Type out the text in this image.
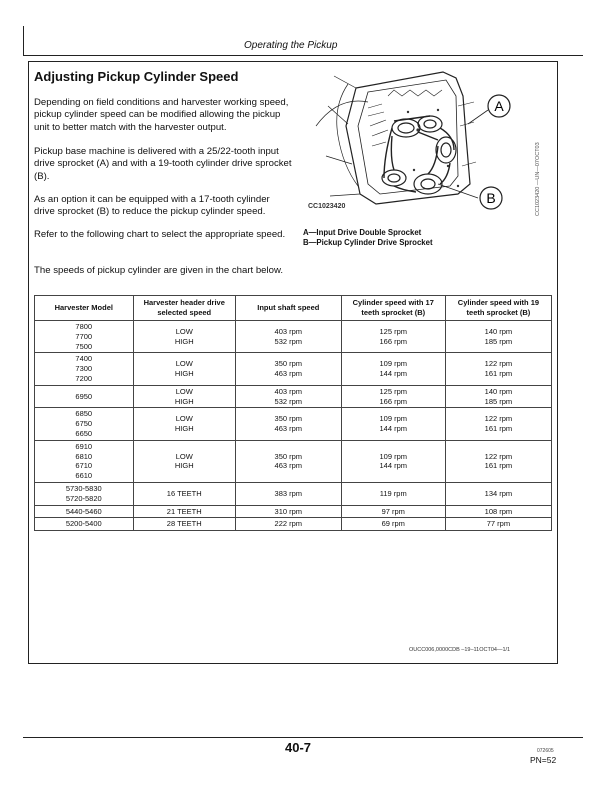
Operating the Pickup
Adjusting Pickup Cylinder Speed

Depending on field conditions and harvester working speed, pickup cylinder speed can be modified allowing the pickup unit to better match with the harvester output.

Pickup base machine is delivered with a 25/22-tooth input drive sprocket (A) and with a 19-tooth cylinder drive sprocket (B).

As an option it can be equipped with a 17-tooth cylinder drive sprocket (B) to reduce the pickup cylinder speed.

Refer to the following chart to select the appropriate speed.

The speeds of pickup cylinder are given in the chart below.

A
B
CC1023420	CC1023420 —UN—07OCT03
A—Input Drive Double Sprocket
B—Pickup Cylinder Drive Sprocket
Harvester Model	Harvester header drive selected speed	Input shaft speed	Cylinder speed with 17 teeth sprocket (B)	Cylinder speed with 19 teeth sprocket (B)

7800
7700
7500	LOW
HIGH	403 rpm
532 rpm	125 rpm
166 rpm	140 rpm
185 rpm

7400
7300
7200	LOW
HIGH	350 rpm
463 rpm	109 rpm
144 rpm	122 rpm
161 rpm

6950	LOW
HIGH	403 rpm
532 rpm	125 rpm
166 rpm	140 rpm
185 rpm

6850
6750
6650	LOW
HIGH	350 rpm
463 rpm	109 rpm
144 rpm	122 rpm
161 rpm

6910
6810
6710
6610	LOW
HIGH	350 rpm
463 rpm	109 rpm
144 rpm	122 rpm
161 rpm

5730-5830
5720-5820	16 TEETH	383 rpm	119 rpm	134 rpm

5440-5460	21 TEETH	310 rpm	97 rpm	108 rpm

5200-5400	28 TEETH	222 rpm	69 rpm	77 rpm
OUCC006,0000CDB –19–11OCT04—1/1
40-7	072605
PN=52
